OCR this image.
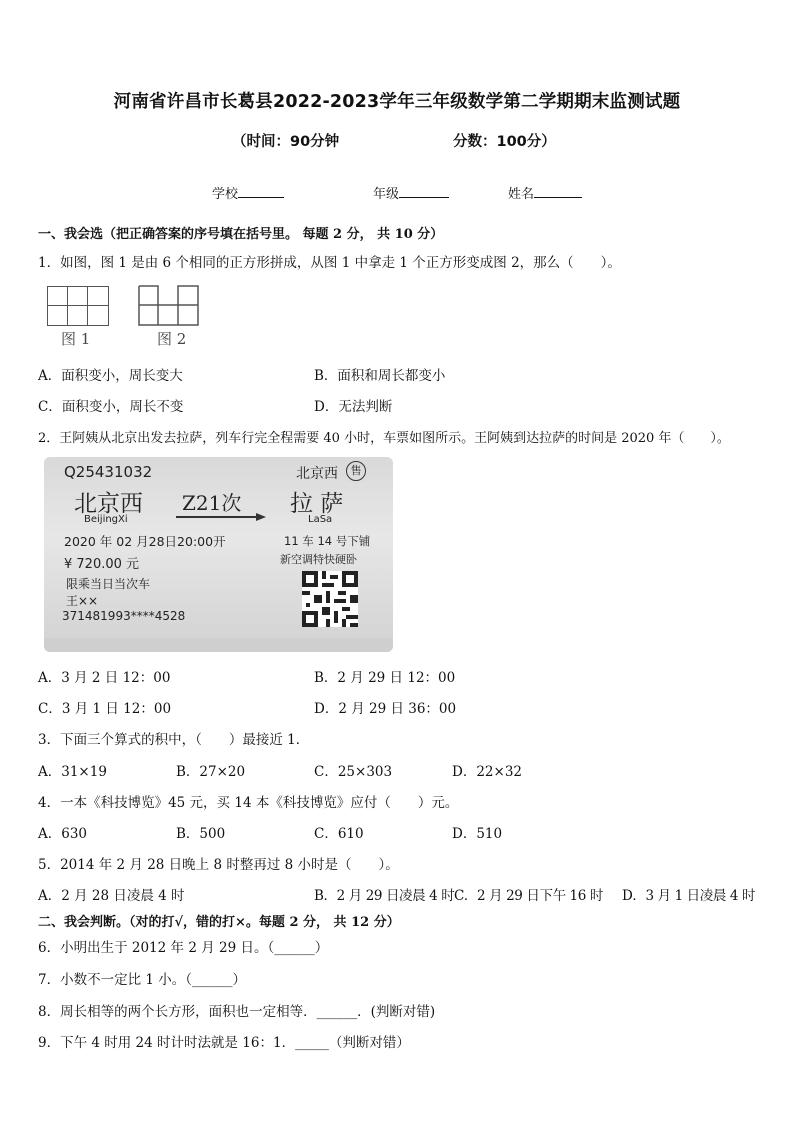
河南省许昌市长葛县2022-2023学年三年级数学第二学期期末监测试题
（时间：90分钟	分数：100分）
学校	年级	姓名
一、我会选（把正确答案的序号填在括号里。 每题 2 分， 共 10 分）
1．如图，图 1 是由 6 个相同的正方形拼成，从图 1 中拿走 1 个正方形变成图 2，那么（　　）。
图 1	图 2
A．面积变小，周长变大	B．面积和周长都变小
C．面积变小，周长不变	D．无法判断
2．王阿姨从北京出发去拉萨，列车行完全程需要 40 小时，车票如图所示。王阿姨到达拉萨的时间是 2020 年（　　）。
Q25431032	北京西	售
北京西
BeijingXi
Z21次 拉 萨
LaSa
2020 年 02 月28日20:00开	11 车 14 号下铺
¥ 720.00 元	新空调特快硬卧
限乘当日当次车
王××
371481993****4528
A．3 月 2 日 12：00	B．2 月 29 日 12：00
C．3 月 1 日 12：00	D．2 月 29 日 36：00
3．下面三个算式的积中，（　　）最接近 1．
A．31×19	B．27×20	C．25×303	D．22×32
4．一本《科技博览》45 元，买 14 本《科技博览》应付（　　）元。
A．630	B．500	C．610	D．510
5．2014 年 2 月 28 日晚上 8 时整再过 8 小时是（　　）。
A．2 月 28 日凌晨 4 时	B．2 月 29 日凌晨 4 时 C．2 月 29 日下午 16 时 D．3 月 1 日凌晨 4 时
二、我会判断。（对的打√，错的打×。每题 2 分， 共 12 分）
6．小明出生于 2012 年 2 月 29 日。（______）
7．小数不一定比 1 小。（______）
8．周长相等的两个长方形，面积也一定相等．______．(判断对错)
9．下午 4 时用 24 时计时法就是 16：1．_____（判断对错）
